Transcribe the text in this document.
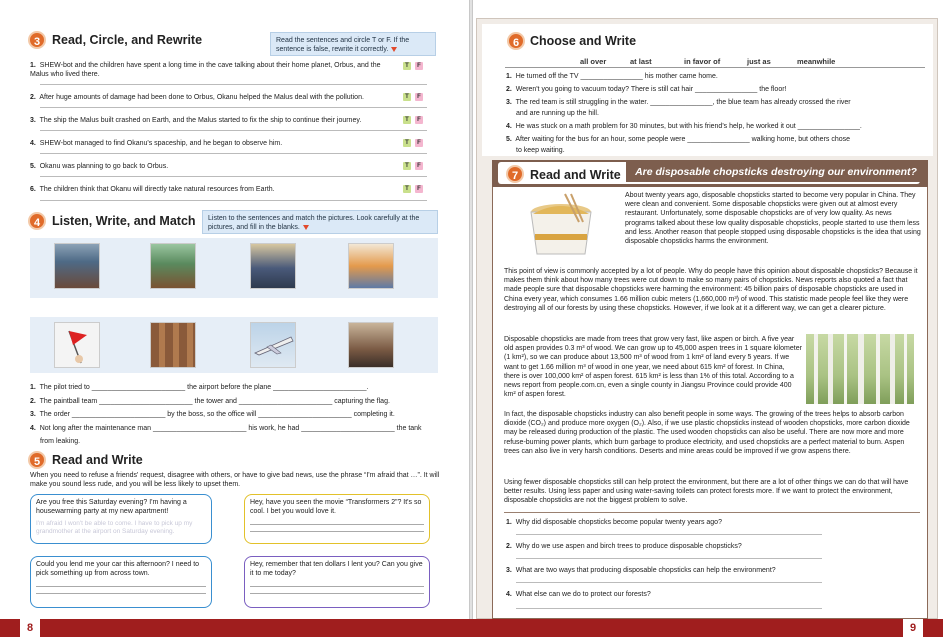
3 Read, Circle, and Rewrite	Read the sentences and circle T or F. If the sentence is false, rewrite it correctly.
1. SHEW-bot and the children have spent a long time in the cave talking about their home planet, Orbus, and the Malus who lived there.
T	F
2. After huge amounts of damage had been done to Orbus, Okanu helped the Malus deal with the pollution.	T	F
3. The ship the Malus built crashed on Earth, and the Malus started to fix the ship to continue their journey.	T	F
4. SHEW-bot managed to find Okanu's spaceship, and he began to observe him.	T	F
5. Okanu was planning to go back to Orbus.	T	F
6. The children think that Okanu will directly take natural resources from Earth.	T	F
4 Listen, Write, and Match	Listen to the sentences and match the pictures. Look carefully at the pictures, and fill in the blanks.
1. The pilot tried to ________________________ the airport before the plane ________________________.
2. The paintball team ________________________ the tower and ________________________ capturing the flag.
3. The order ________________________ by the boss, so the office will ________________________ completing it.
4. Not long after the maintenance man ________________________ his work, he had ________________________ the tank
from leaking.
5 Read and Write
When you need to refuse a friends' request, disagree with others, or have to give bad news, use the phrase “I'm afraid that …”. It will make you sound less rude, and you will be less likely to upset them.
Are you free this Saturday evening? I'm having a housewarming party at my new apartment!
I'm afraid I won't be able to come. I have to pick up my grandmother at the airport on Saturday evening.
Hey, have you seen the movie “Transformers 2”? It's so cool. I bet you would love it.
Could you lend me your car this afternoon? I need to pick something up from across town.
Hey, remember that ten dollars I lent you? Can you give it to me today?
6 Choose and Write
all over	at last	in favor of	just as	meanwhile
1. He turned off the TV ________________ his mother came home.
2. Weren't you going to vacuum today? There is still cat hair ________________ the floor!
3. The red team is still struggling in the water. ________________, the blue team has already crossed the river
and are running up the hill.
4. He was stuck on a math problem for 30 minutes, but with his friend's help, he worked it out ________________.
5. After waiting for the bus for an hour, some people were ________________ walking home, but others chose
to keep waiting.
7 Read and Write	Are disposable chopsticks destroying our environment?
About twenty years ago, disposable chopsticks started to become very popular in China. They were clean and convenient. Some disposable chopsticks were given out at almost every restaurant. Unfortunately, some disposable chopsticks are of very low quality. As news programs talked about these low quality disposable chopsticks, people started to use them less and less. Another reason that people stopped using disposable chopsticks is the idea that using disposable chopsticks harms the environment.
This point of view is commonly accepted by a lot of people. Why do people have this opinion about disposable chopsticks? Because it makes them think about how many trees were cut down to make so many pairs of chopsticks. News reports also quoted a fact that made people sure that disposable chopsticks were harming the environment: 45 billion pairs of disposable chopsticks are used in China every year, which consumes 1.66 million cubic meters (1,660,000 m³) of wood. This statistic made people feel like they were destroying all of our forests by using these chopsticks. However, if we look at it a different way, we can get a clearer picture.
Disposable chopsticks are made from trees that grow very fast, like aspen or birch. A five year old aspen provides 0.3 m³ of wood. We can grow up to 45,000 aspen trees in 1 square kilometer (1 km²), so we can produce about 13,500 m³ of wood from 1 km² of land every 5 years. If we want to get 1.66 million m³ of wood in one year, we need about 615 km² of forest. In China, there is over 100,000 km² of aspen forest. 615 km² is less than 1% of this total. According to a news report from people.com.cn, even a single county in Jiangsu Province could provide 400 km² of aspen forest.
In fact, the disposable chopsticks industry can also benefit people in some ways. The growing of the trees helps to absorb carbon dioxide (CO₂) and produce more oxygen (O₂). Also, if we use plastic chopsticks instead of wooden chopsticks, more carbon dioxide may be released during production of the plastic. The used wooden chopsticks can also be useful. There are now more and more refuse-burning power plants, which burn garbage to produce electricity, and used chopsticks are a perfect material to burn. Aspen trees can also live in very harsh conditions. Deserts and mine areas could be improved if we grow aspens there.
Using fewer disposable chopsticks still can help protect the environment, but there are a lot of other things we can do that will have better results. Using less paper and using water-saving toilets can protect forests more. If we want to protect the environment, disposable chopsticks are not the biggest problem to solve.
1. Why did disposable chopsticks become popular twenty years ago?
2. Why do we use aspen and birch trees to produce disposable chopsticks?
3. What are two ways that producing disposable chopsticks can help the environment?
4. What else can we do to protect our forests?
8	9
